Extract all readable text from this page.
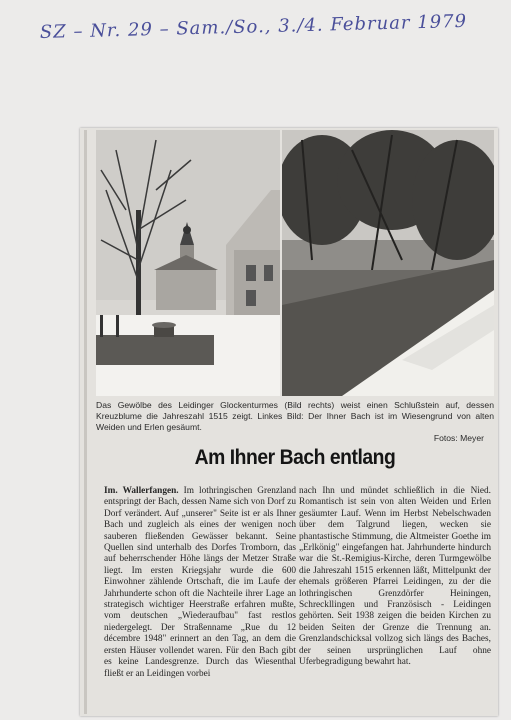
SZ – Nr. 29 – Sam./So., 3./4. Februar 1979
Das Gewölbe des Leidinger Glockenturmes (Bild rechts) weist einen Schlußstein auf, dessen Kreuzblume die Jahreszahl 1515 zeigt. Linkes Bild: Der Ihner Bach ist im Wiesengrund von alten Weiden und Erlen gesäumt.
Fotos: Meyer
Am Ihner Bach entlang
Im. Wallerfangen. Im lothringischen Grenzland entspringt der Bach, dessen Name sich von Dorf zu Dorf verändert. Auf „unserer" Seite ist er als Ihner Bach und zugleich als eines der wenigen noch sauberen fließenden Gewässer bekannt. Seine Quellen sind unterhalb des Dorfes Tromborn, das auf beherrschender Höhe längs der Metzer Straße liegt. Im ersten Kriegsjahr wurde die 600 Einwohner zählende Ortschaft, die im Laufe der Jahrhunderte schon oft die Nachteile ihrer Lage an strategisch wichtiger Heerstraße erfahren mußte, vom deutschen „Wiederaufbau" fast restlos niedergelegt. Der Straßenname „Rue du 12 décembre 1948" erinnert an den Tag, an dem die ersten Häuser vollendet waren. Für den Bach gibt es keine Landesgrenze. Durch das Wiesenthal fließt er an Leidingen vorbei
nach Ihn und mündet schließlich in die Nied. Romantisch ist sein von alten Weiden und Erlen gesäumter Lauf. Wenn im Herbst Nebelschwaden über dem Talgrund liegen, wecken sie phantastische Stimmung, die Altmeister Goethe im „Erlkönig" eingefangen hat. Jahrhunderte hindurch war die St.-Remigius-Kirche, deren Turmgewölbe die Jahreszahl 1515 erkennen läßt, Mittelpunkt der ehemals größeren Pfarrei Leidingen, zu der die lothringischen Grenzdörfer Heiningen, Schreckllingen und Französisch - Leidingen gehörten. Seit 1938 zeigen die beiden Kirchen zu beiden Seiten der Grenze die Trennung an. Grenzlandschicksal vollzog sich längs des Baches, der seinen ursprünglichen Lauf ohne Uferbegradigung bewahrt hat.
